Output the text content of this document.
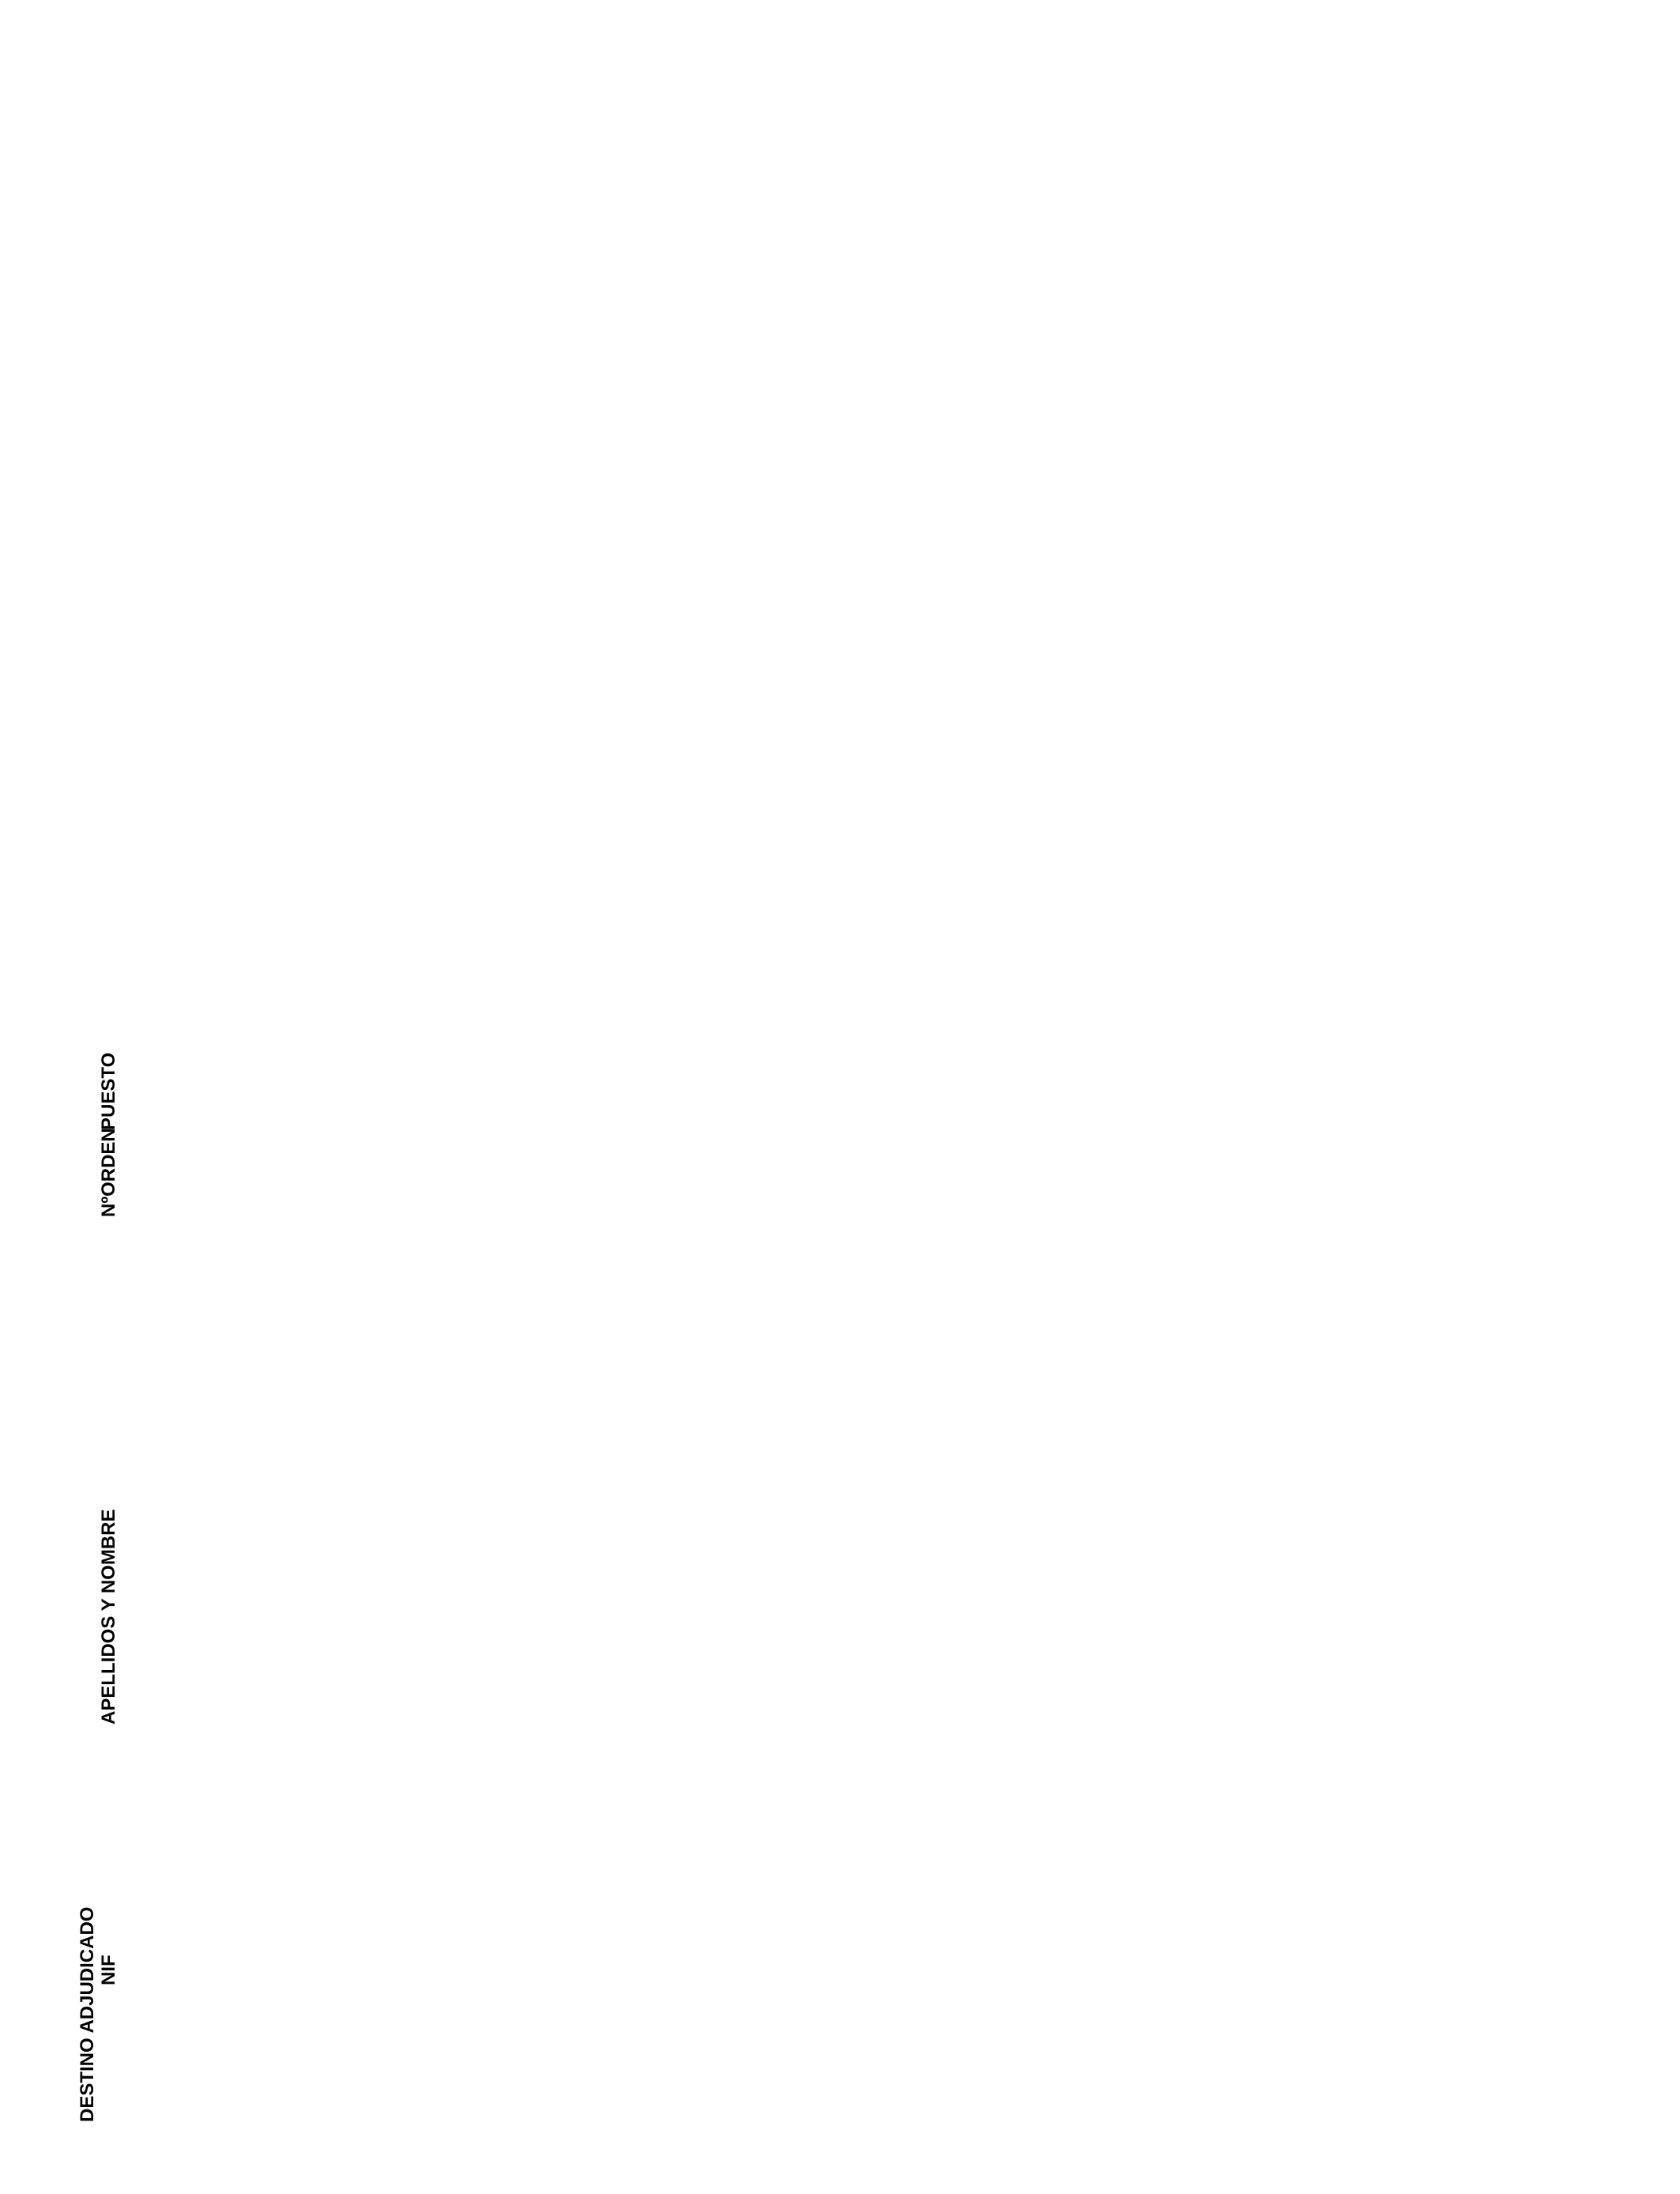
DESTINO ADJUDICADO NIF
APELLIDOS Y NOMBRE
NºORDEN
PUESTO
